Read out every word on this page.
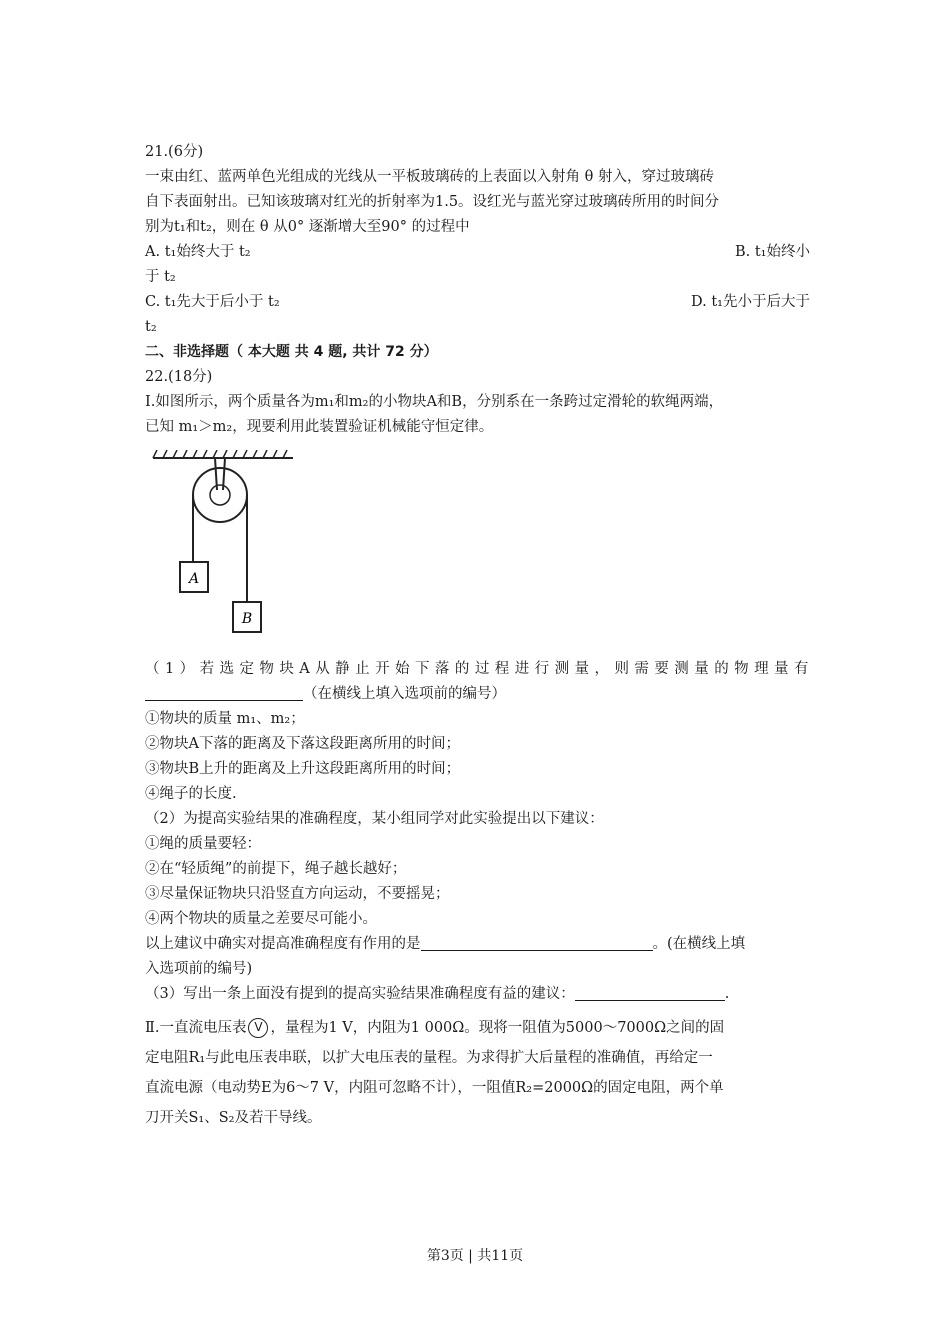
21.(6分)
一束由红、蓝两单色光组成的光线从一平板玻璃砖的上表面以入射角 θ 射入，穿过玻璃砖
自下表面射出。已知该玻璃对红光的折射率为1.5。设红光与蓝光穿过玻璃砖所用的时间分
别为t₁和t₂，则在 θ 从0° 逐渐增大至90° 的过程中
A. t₁始终大于 t₂	B. t₁始终小
于 t₂
C. t₁先大于后小于 t₂	D. t₁先小于后大于
t₂
二、非选择题（ 本大题 共 4 题, 共计 72 分）
22.(18分)
Ⅰ.如图所示，两个质量各为m₁和m₂的小物块A和B，分别系在一条跨过定滑轮的软绳两端，
已知 m₁＞m₂，现要利用此装置验证机械能守恒定律。
A
B
（1）若选定物块A从静止开始下落的过程进行测量，则需要测量的物理量有
（在横线上填入选项前的编号）
①物块的质量 m₁、m₂；
②物块A下落的距离及下落这段距离所用的时间；
③物块B上升的距离及上升这段距离所用的时间；
④绳子的长度.
（2）为提高实验结果的准确程度，某小组同学对此实验提出以下建议：
①绳的质量要轻：
②在“轻质绳”的前提下，绳子越长越好；
③尽量保证物块只沿竖直方向运动，不要摇晃；
④两个物块的质量之差要尽可能小。
以上建议中确实对提高准确程度有作用的是	。(在横线上填
入选项前的编号)
（3）写出一条上面没有提到的提高实验结果准确程度有益的建议：	.
Ⅱ.一直流电压表 V ，量程为1 V，内阻为1 000Ω。现将一阻值为5000～7000Ω之间的固
定电阻R₁与此电压表串联，以扩大电压表的量程。为求得扩大后量程的准确值，再给定一
直流电源（电动势E为6～7 V，内阻可忽略不计），一阻值R₂=2000Ω的固定电阻，两个单
刀开关S₁、S₂及若干导线。
第3页 | 共11页
